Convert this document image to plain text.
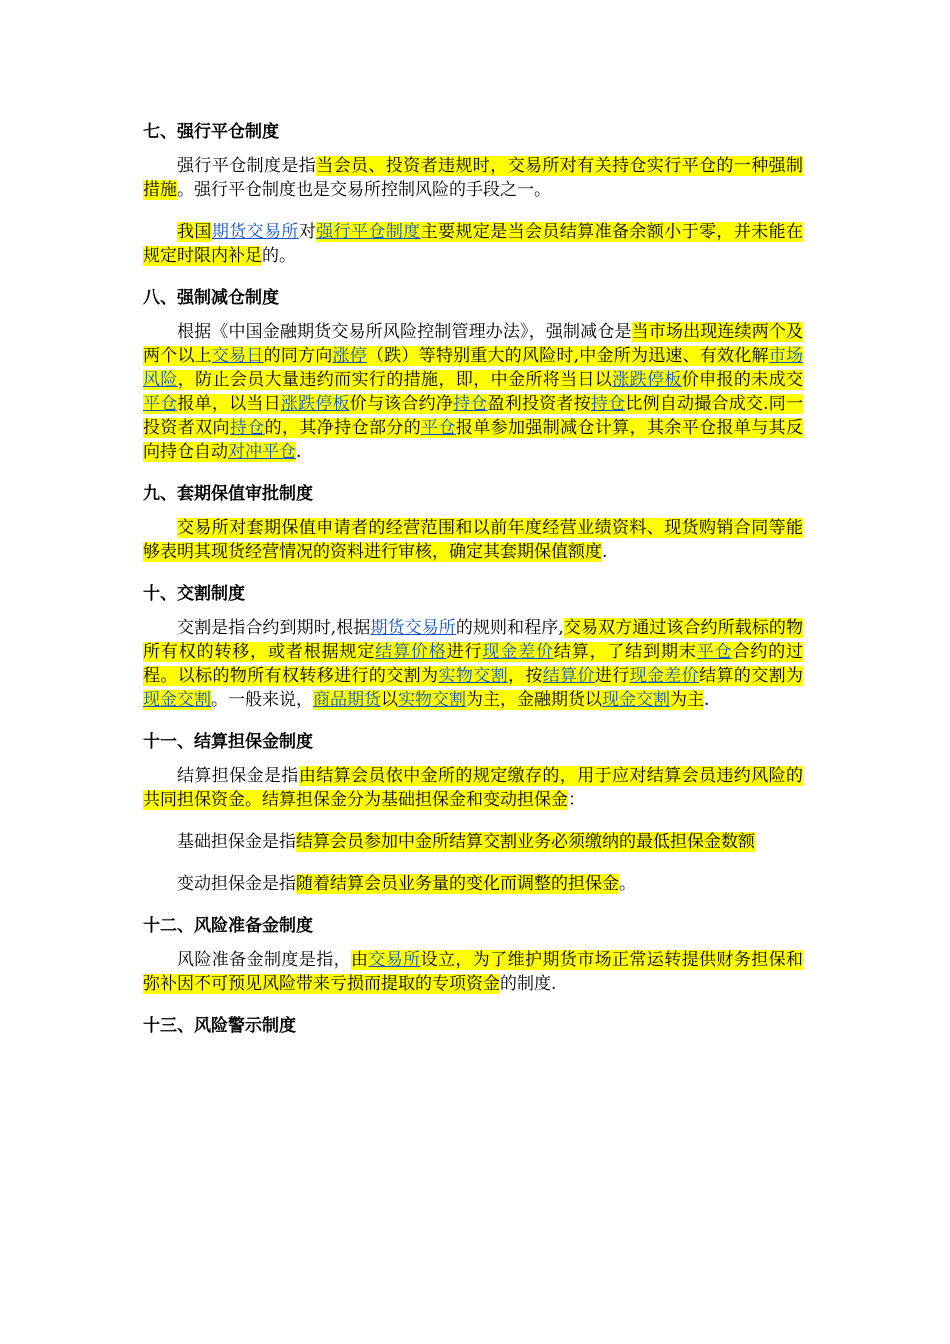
七、强行平仓制度

强行平仓制度是指当会员、投资者违规时，交易所对有关持仓实行平仓的一种强制措施。强行平仓制度也是交易所控制风险的手段之一。

我国期货交易所对强行平仓制度主要规定是当会员结算准备余额小于零，并未能在规定时限内补足的。

八、强制减仓制度

根据《中国金融期货交易所风险控制管理办法》，强制减仓是当市场出现连续两个及两个以上交易日的同方向涨停（跌）等特别重大的风险时,中金所为迅速、有效化解市场风险，防止会员大量违约而实行的措施，即，中金所将当日以涨跌停板价申报的未成交平仓报单，以当日涨跌停板价与该合约净持仓盈利投资者按持仓比例自动撮合成交.同一投资者双向持仓的，其净持仓部分的平仓报单参加强制减仓计算，其余平仓报单与其反向持仓自动对冲平仓.

九、套期保值审批制度

交易所对套期保值申请者的经营范围和以前年度经营业绩资料、现货购销合同等能够表明其现货经营情况的资料进行审核，确定其套期保值额度.

十、交割制度

交割是指合约到期时,根据期货交易所的规则和程序,交易双方通过该合约所载标的物所有权的转移，或者根据规定结算价格进行现金差价结算，了结到期末平仓合约的过程。以标的物所有权转移进行的交割为实物交割，按结算价进行现金差价结算的交割为现金交割。一般来说，商品期货以实物交割为主，金融期货以现金交割为主.

十一、结算担保金制度

结算担保金是指由结算会员依中金所的规定缴存的，用于应对结算会员违约风险的共同担保资金。结算担保金分为基础担保金和变动担保金：

基础担保金是指结算会员参加中金所结算交割业务必须缴纳的最低担保金数额

变动担保金是指随着结算会员业务量的变化而调整的担保金。

十二、风险准备金制度

风险准备金制度是指，由交易所设立，为了维护期货市场正常运转提供财务担保和弥补因不可预见风险带来亏损而提取的专项资金的制度.

十三、风险警示制度
